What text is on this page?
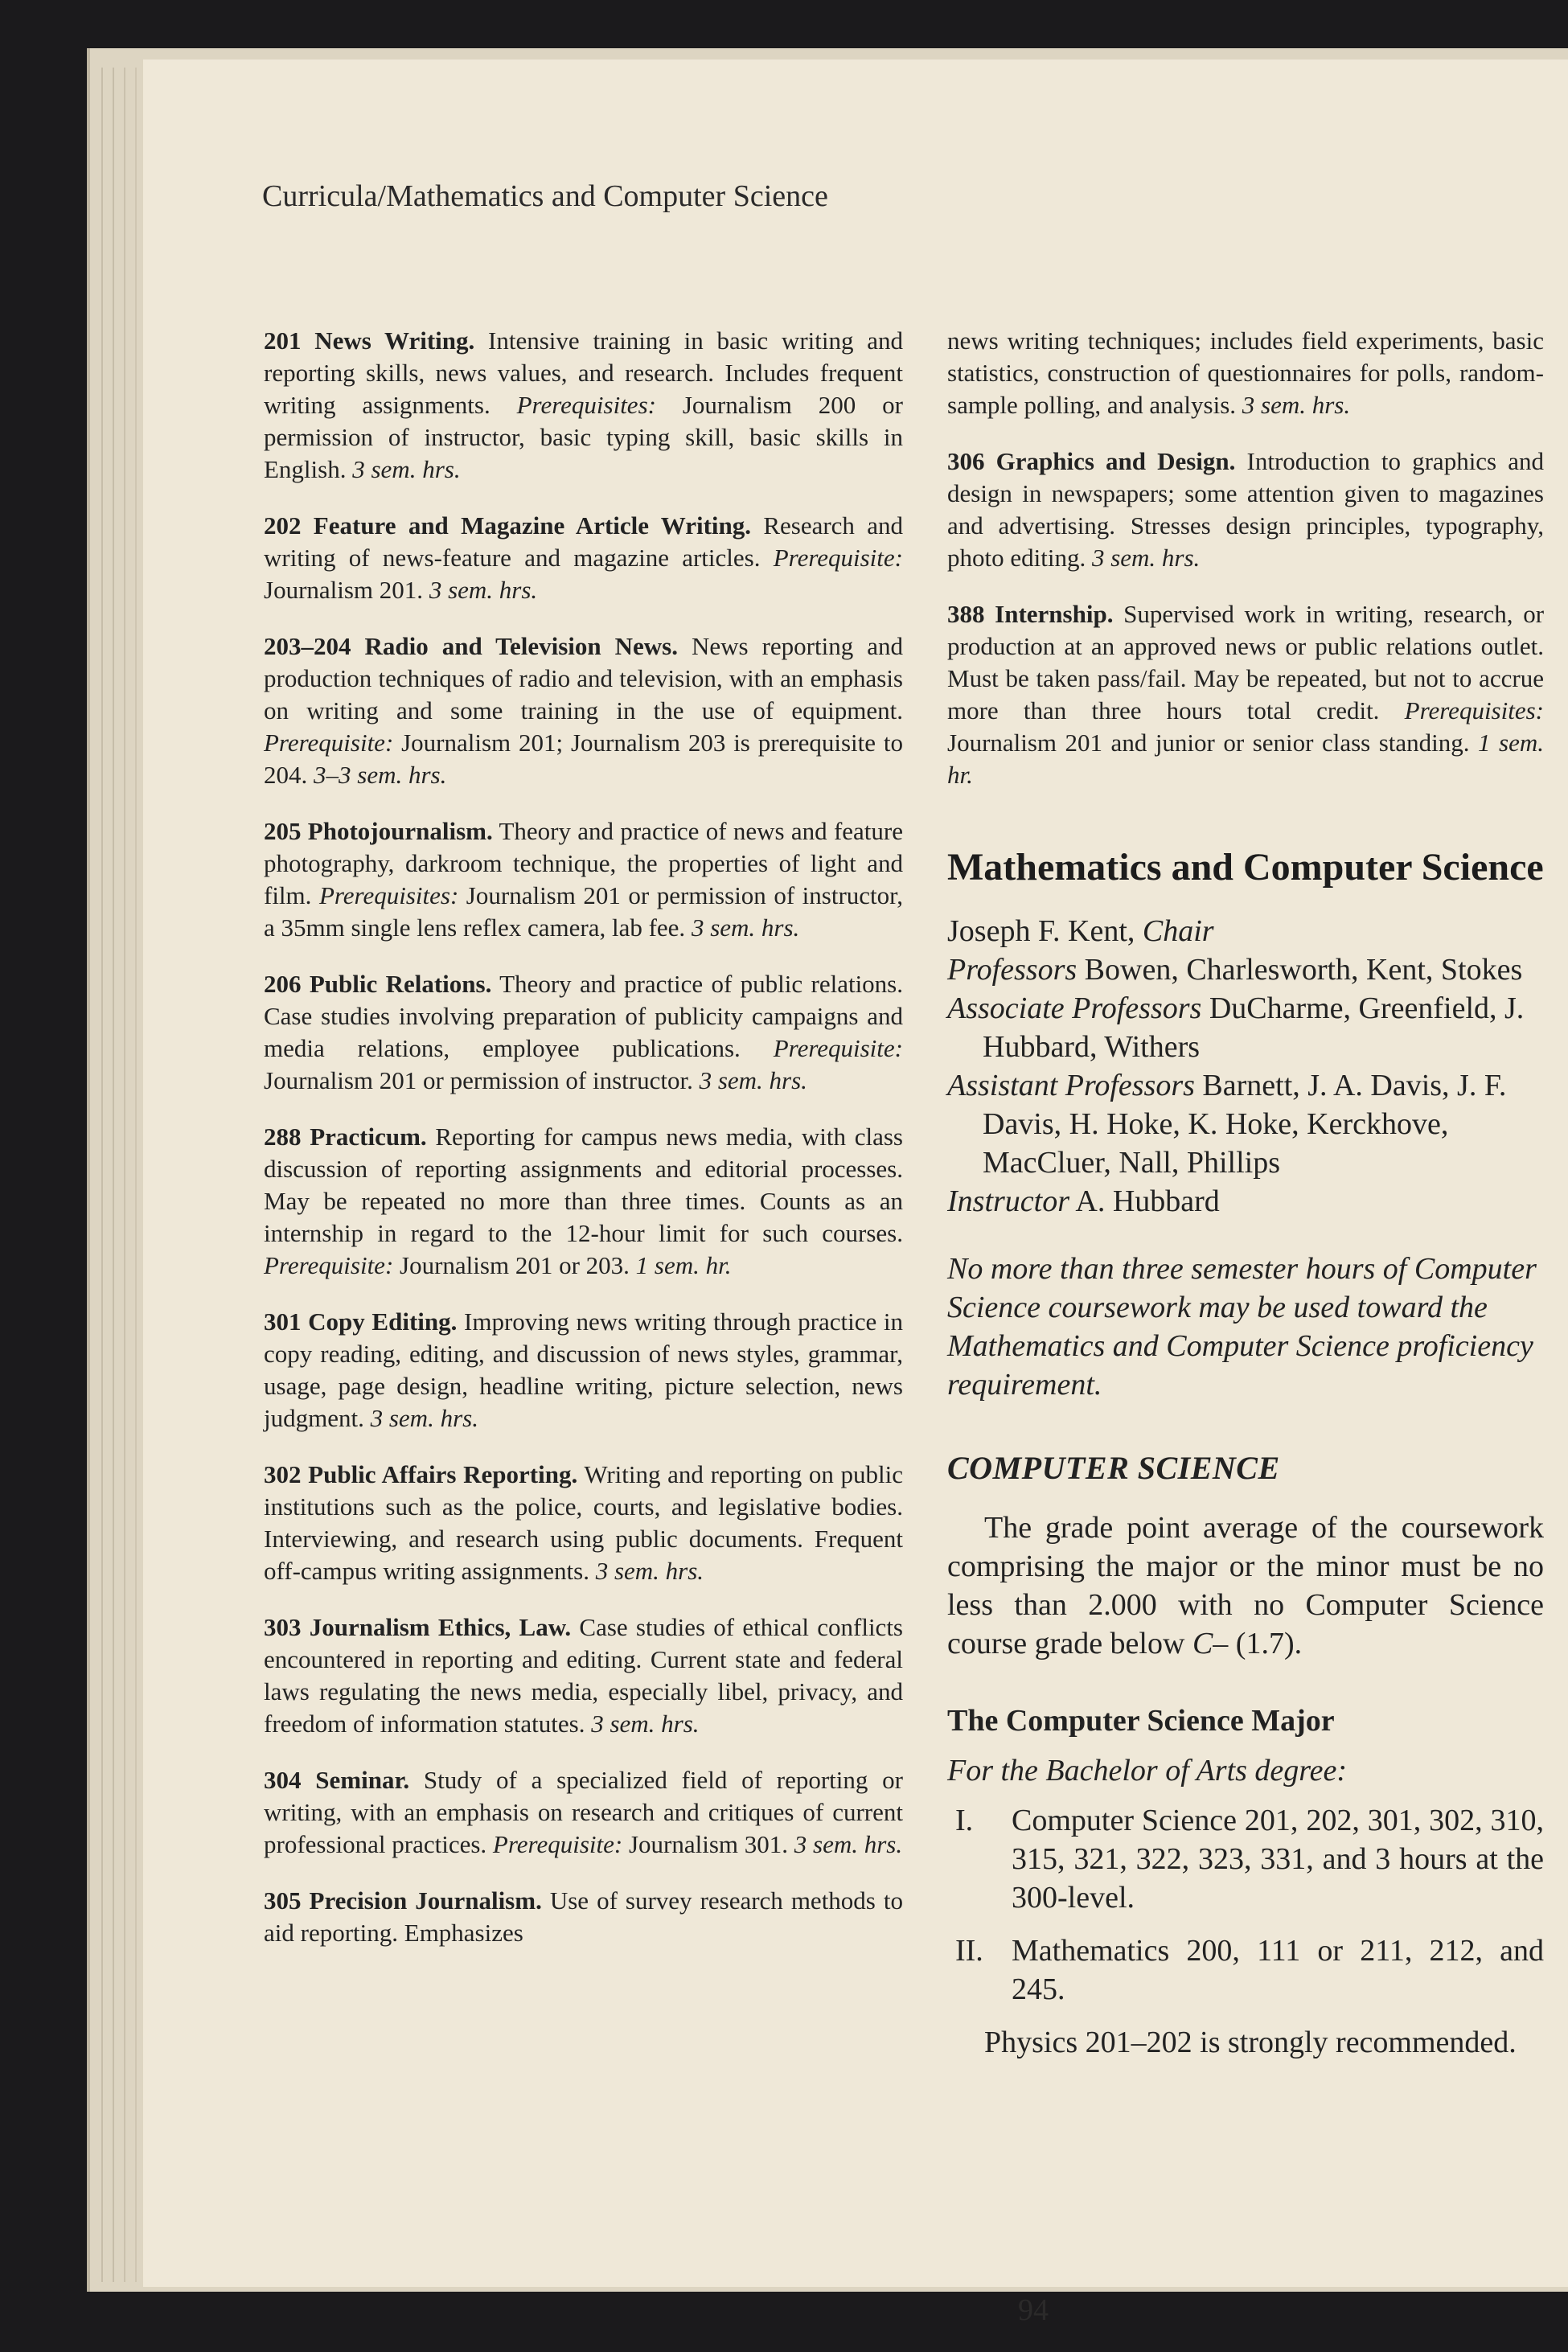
Curricula/Mathematics and Computer Science
201 News Writing. Intensive training in basic writing and reporting skills, news values, and research. Includes frequent writing assignments. Prerequisites: Journalism 200 or permission of instructor, basic typing skill, basic skills in English. 3 sem. hrs.
202 Feature and Magazine Article Writing. Research and writing of news-feature and magazine articles. Prerequisite: Journalism 201. 3 sem. hrs.
203–204 Radio and Television News. News reporting and production techniques of radio and television, with an emphasis on writing and some training in the use of equipment. Prerequisite: Journalism 201; Journalism 203 is prerequisite to 204. 3–3 sem. hrs.
205 Photojournalism. Theory and practice of news and feature photography, darkroom technique, the properties of light and film. Prerequisites: Journalism 201 or permission of instructor, a 35mm single lens reflex camera, lab fee. 3 sem. hrs.
206 Public Relations. Theory and practice of public relations. Case studies involving preparation of publicity campaigns and media relations, employee publications. Prerequisite: Journalism 201 or permission of instructor. 3 sem. hrs.
288 Practicum. Reporting for campus news media, with class discussion of reporting assignments and editorial processes. May be repeated no more than three times. Counts as an internship in regard to the 12-hour limit for such courses. Prerequisite: Journalism 201 or 203. 1 sem. hr.
301 Copy Editing. Improving news writing through practice in copy reading, editing, and discussion of news styles, grammar, usage, page design, headline writing, picture selection, news judgment. 3 sem. hrs.
302 Public Affairs Reporting. Writing and reporting on public institutions such as the police, courts, and legislative bodies. Interviewing, and research using public documents. Frequent off-campus writing assignments. 3 sem. hrs.
303 Journalism Ethics, Law. Case studies of ethical conflicts encountered in reporting and editing. Current state and federal laws regulating the news media, especially libel, privacy, and freedom of information statutes. 3 sem. hrs.
304 Seminar. Study of a specialized field of reporting or writing, with an emphasis on research and critiques of current professional practices. Prerequisite: Journalism 301. 3 sem. hrs.
305 Precision Journalism. Use of survey research methods to aid reporting. Emphasizes
news writing techniques; includes field experiments, basic statistics, construction of questionnaires for polls, random-sample polling, and analysis. 3 sem. hrs.
306 Graphics and Design. Introduction to graphics and design in newspapers; some attention given to magazines and advertising. Stresses design principles, typography, photo editing. 3 sem. hrs.
388 Internship. Supervised work in writing, research, or production at an approved news or public relations outlet. Must be taken pass/fail. May be repeated, but not to accrue more than three hours total credit. Prerequisites: Journalism 201 and junior or senior class standing. 1 sem. hr.
Mathematics and Computer Science
Joseph F. Kent, Chair
Professors Bowen, Charlesworth, Kent, Stokes
Associate Professors DuCharme, Greenfield, J. Hubbard, Withers
Assistant Professors Barnett, J. A. Davis, J. F. Davis, H. Hoke, K. Hoke, Kerckhove, MacCluer, Nall, Phillips
Instructor A. Hubbard

No more than three semester hours of Computer Science coursework may be used toward the Mathematics and Computer Science proficiency requirement.

COMPUTER SCIENCE

The grade point average of the coursework comprising the major or the minor must be no less than 2.000 with no Computer Science course grade below C– (1.7).

The Computer Science Major
For the Bachelor of Arts degree:
I.	Computer Science 201, 202, 301, 302, 310, 315, 321, 322, 323, 331, and 3 hours at the 300-level.
II. Mathematics 200, 111 or 211, 212, and 245.

Physics 201–202 is strongly recommended.

94
